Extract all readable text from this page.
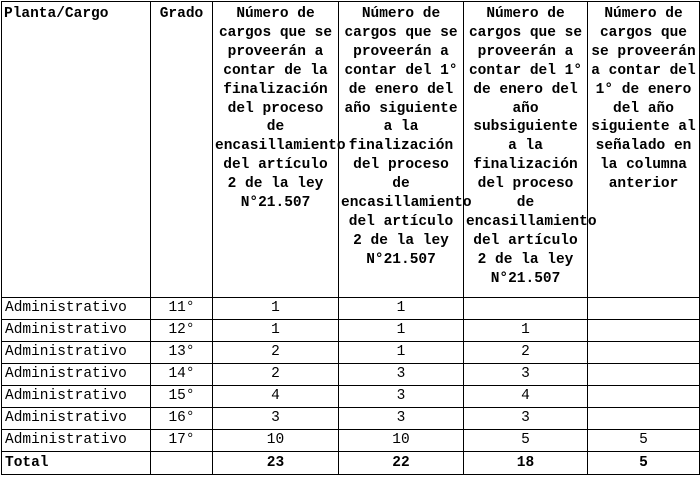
Planta/Cargo	Grado	Número de cargos que se proveerán a contar de la finalización del proceso de encasillamiento del artículo 2 de la ley N°21.507	Número de cargos que se proveerán a contar del 1° de enero del año siguiente a la finalización del proceso de encasillamiento del artículo 2 de la ley N°21.507	Número de cargos que se proveerán a contar del 1° de enero del año subsiguiente a la finalización del proceso de encasillamiento del artículo 2 de la ley N°21.507	Número de cargos que se proveerán a contar del 1° de enero del año siguiente al señalado en la columna anterior
Administrativo	11°	1	1		
Administrativo	12°	1	1	1	
Administrativo	13°	2	1	2	
Administrativo	14°	2	3	3	
Administrativo	15°	4	3	4	
Administrativo	16°	3	3	3	
Administrativo	17°	10	10	5	5
Total		23	22	18	5
